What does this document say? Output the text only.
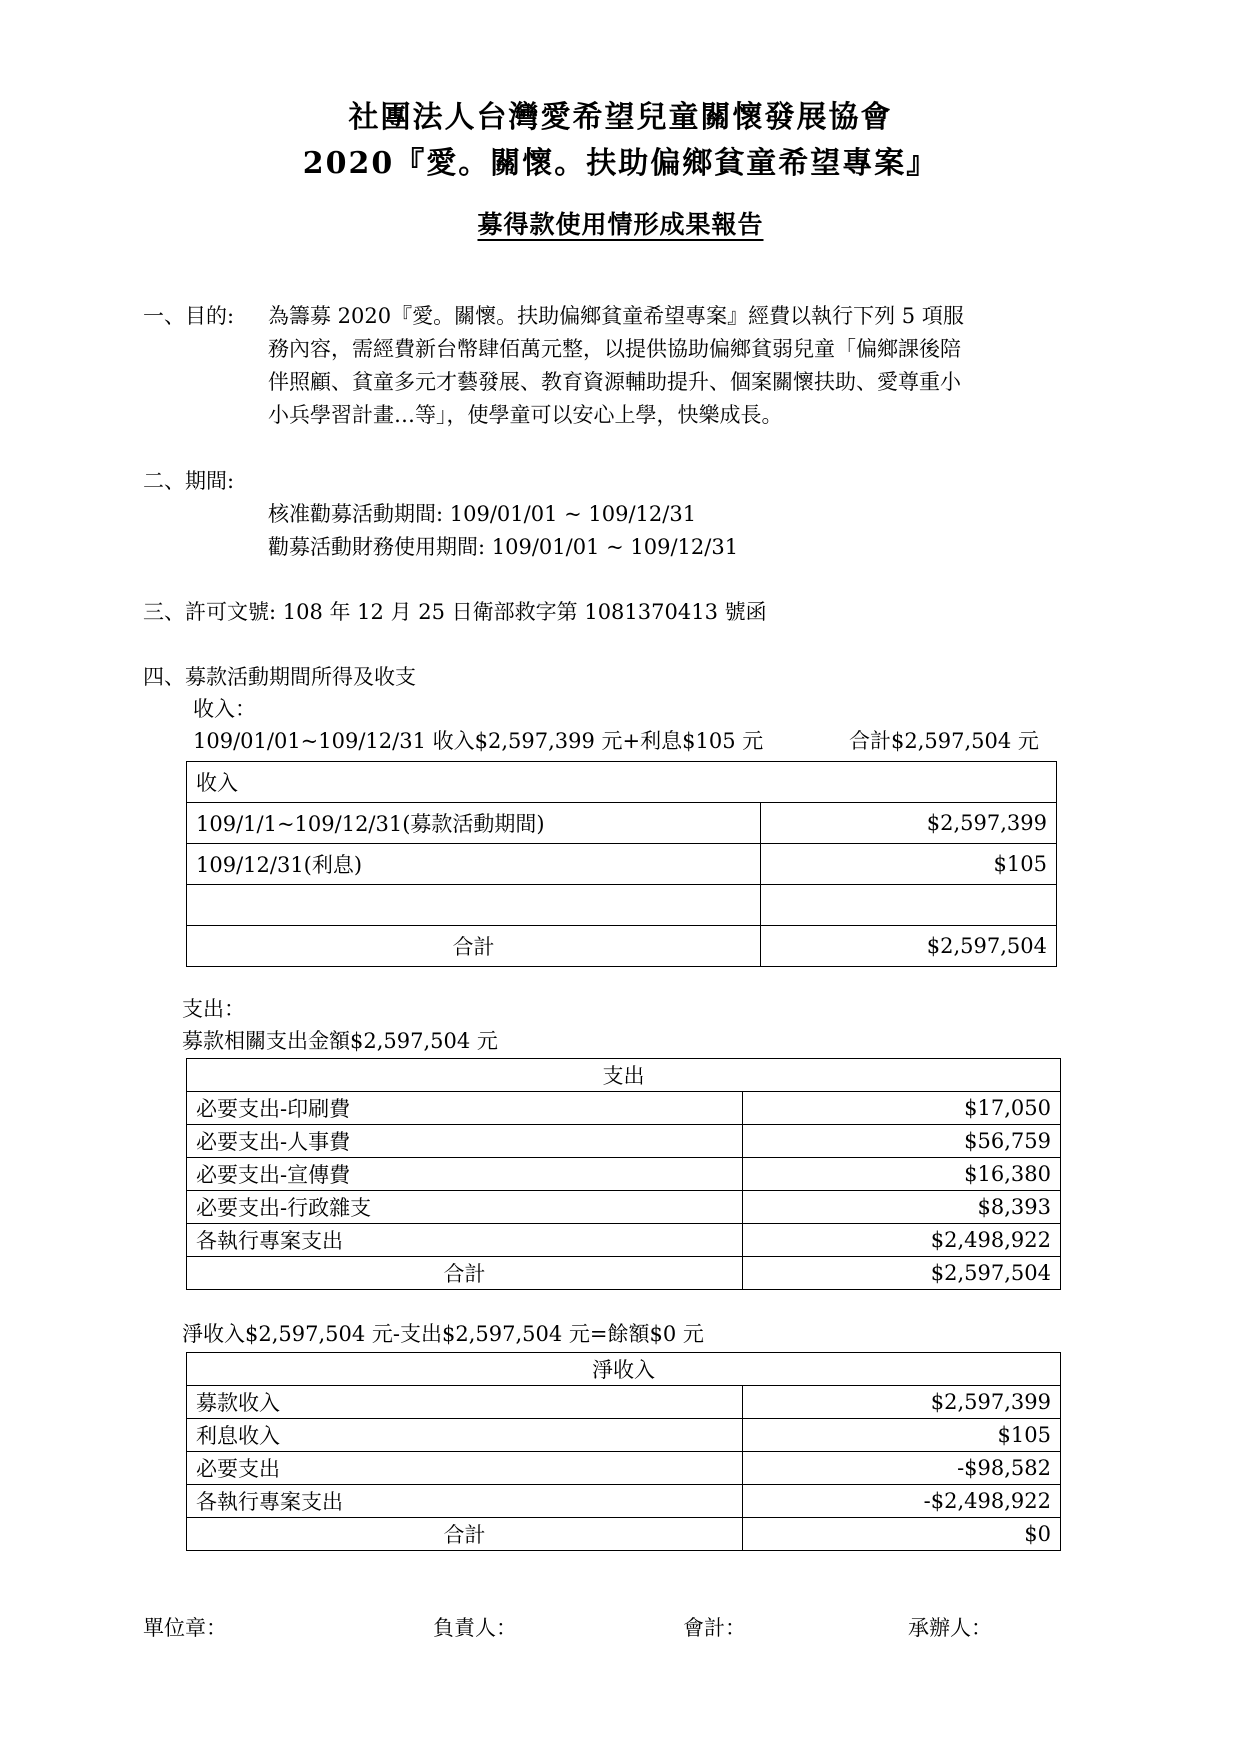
社團法人台灣愛希望兒童關懷發展協會
2020『愛。關懷。扶助偏鄉貧童希望專案』
募得款使用情形成果報告
一、目的: 為籌募 2020『愛。關懷。扶助偏鄉貧童希望專案』經費以執行下列 5 項服
務內容，需經費新台幣肆佰萬元整，以提供協助偏鄉貧弱兒童「偏鄉課後陪
伴照顧、貧童多元才藝發展、教育資源輔助提升、個案關懷扶助、愛尊重小
小兵學習計畫…等」，使學童可以安心上學，快樂成長。
二、期間:
核准勸募活動期間: 109/01/01 ~ 109/12/31
勸募活動財務使用期間: 109/01/01 ~ 109/12/31
三、許可文號: 108 年 12 月 25 日衛部救字第 1081370413 號函
四、募款活動期間所得及收支
收入：
109/01/01~109/12/31 收入$2,597,399 元+利息$105 元	合計$2,597,504 元
收入	
109/1/1~109/12/31(募款活動期間)	$2,597,399
109/12/31(利息)	$105

合計	$2,597,504
支出：
募款相關支出金額$2,597,504 元
支出	
必要支出-印刷費	$17,050
必要支出-人事費	$56,759
必要支出-宣傳費	$16,380
必要支出-行政雜支	$8,393
各執行專案支出	$2,498,922
合計	$2,597,504
淨收入$2,597,504 元-支出$2,597,504 元=餘額$0 元
淨收入	
募款收入	$2,597,399
利息收入	$105
必要支出	-$98,582
各執行專案支出	-$2,498,922
合計	$0
單位章：	負責人：	會計：	承辦人：
